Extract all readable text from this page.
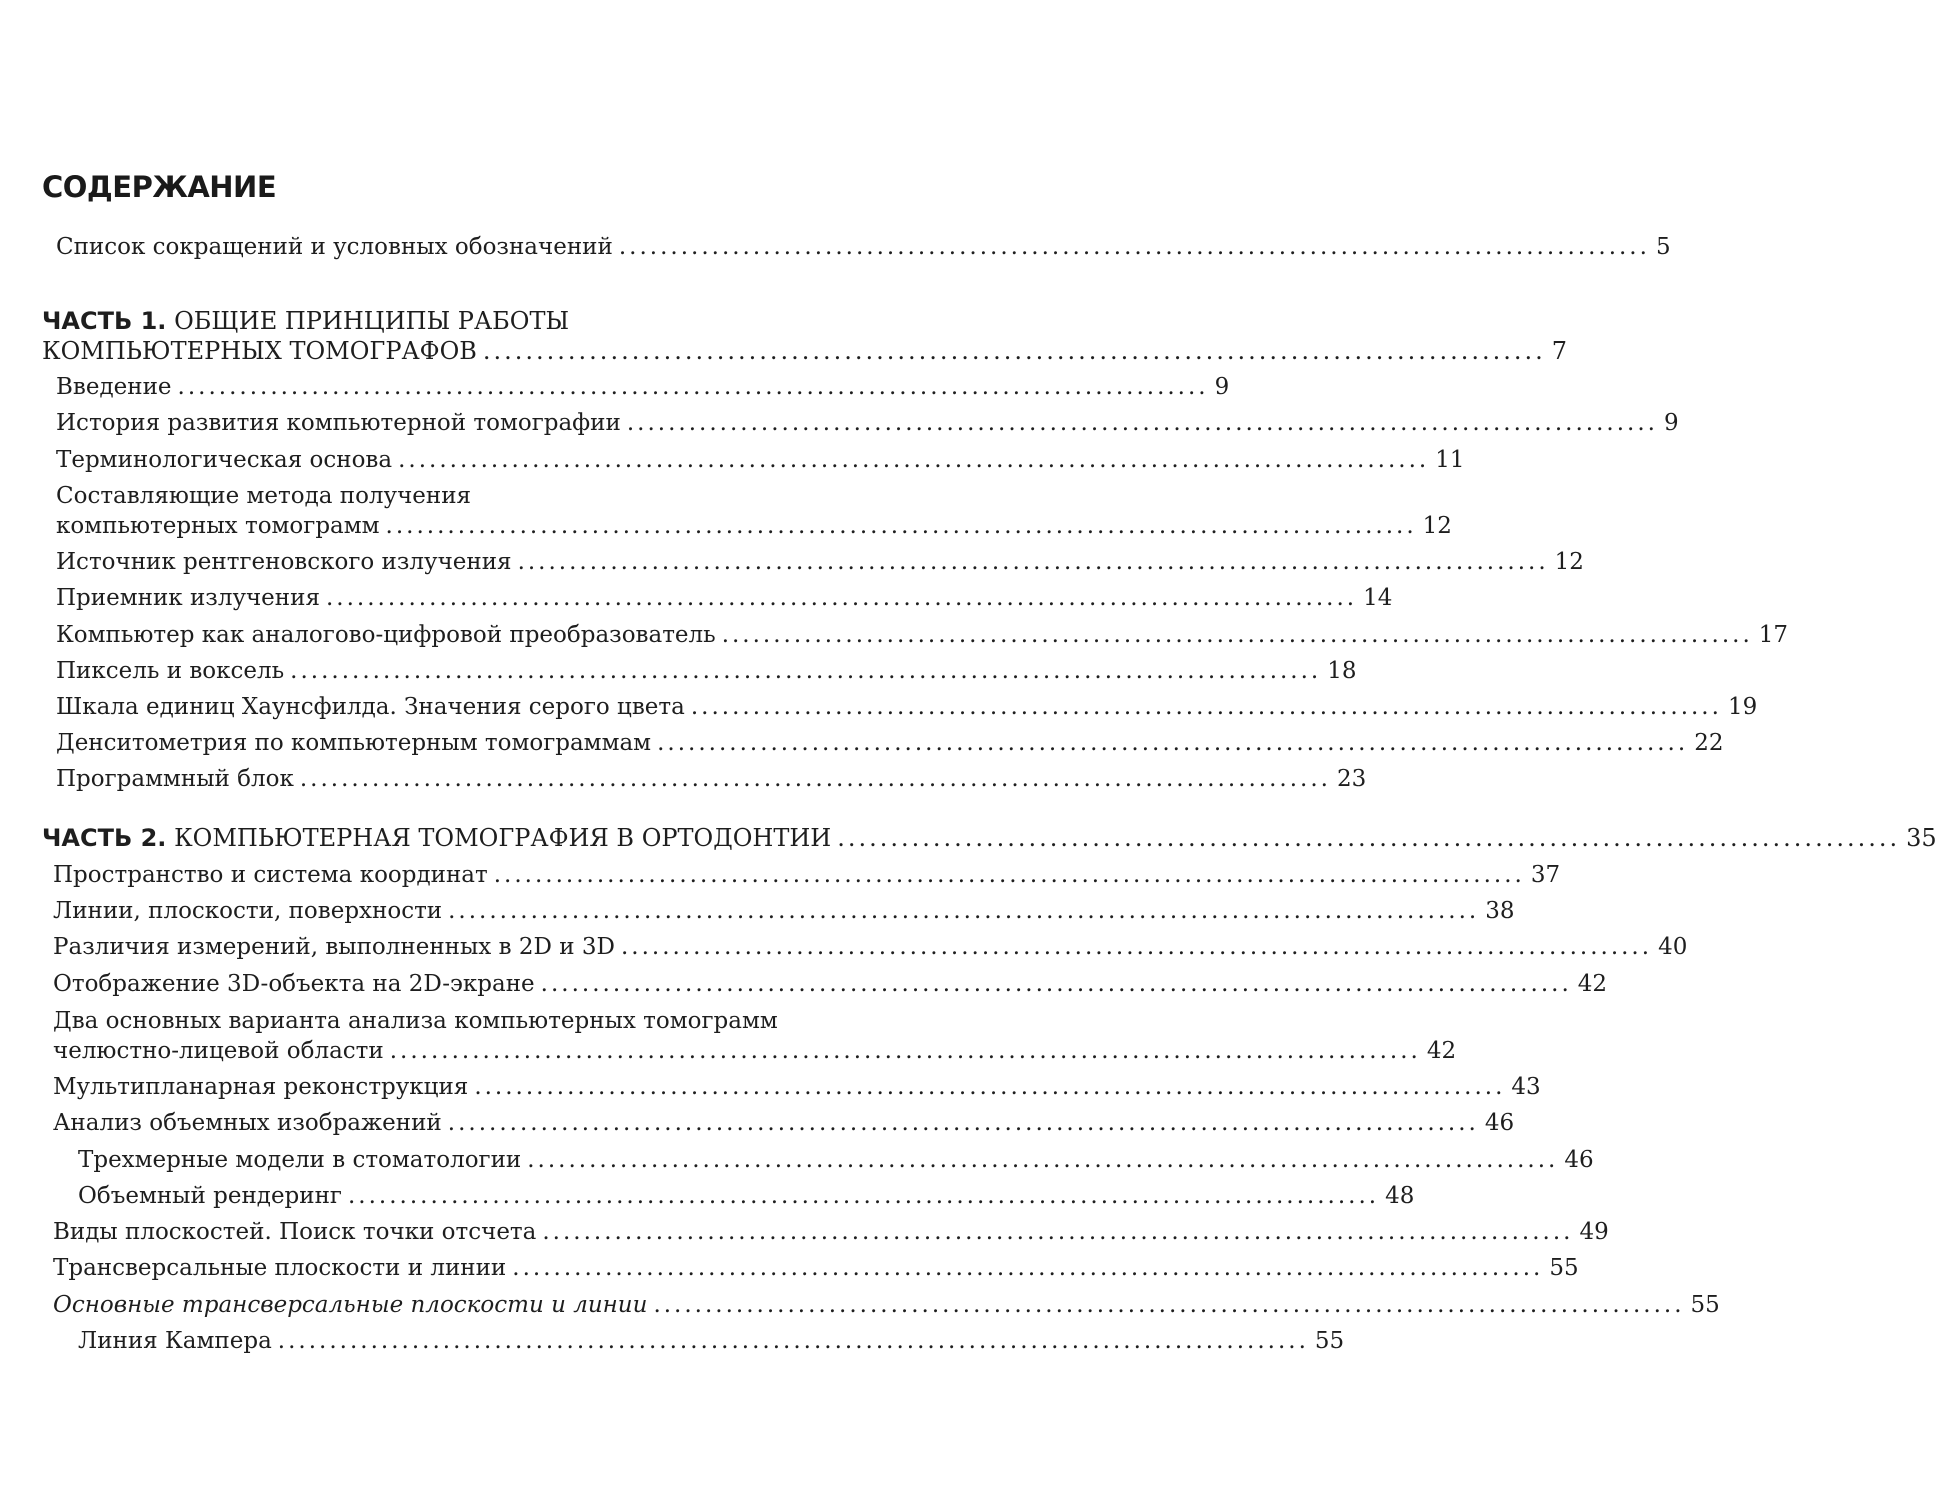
СОДЕРЖАНИЕ
Список сокращений и условных обозначений .................................................................................................... 5
ЧАСТЬ 1. ОБЩИЕ ПРИНЦИПЫ РАБОТЫ
КОМПЬЮТЕРНЫХ ТОМОГРАФОВ .................................................................................................... 7
Введение .................................................................................................... 9
История развития компьютерной томографии .................................................................................................... 9
Терминологическая основа .................................................................................................... 11
Составляющие метода получения
компьютерных томограмм .................................................................................................... 12
Источник рентгеновского излучения .................................................................................................... 12
Приемник излучения .................................................................................................... 14
Компьютер как аналогово-цифровой преобразователь .................................................................................................... 17
Пиксель и воксель .................................................................................................... 18
Шкала единиц Хаунсфилда. Значения серого цвета .................................................................................................... 19
Денситометрия по компьютерным томограммам .................................................................................................... 22
Программный блок .................................................................................................... 23
ЧАСТЬ 2. КОМПЬЮТЕРНАЯ ТОМОГРАФИЯ В ОРТОДОНТИИ .................................................................................................... 35
Пространство и система координат .................................................................................................... 37
Линии, плоскости, поверхности .................................................................................................... 38
Различия измерений, выполненных в 2D и 3D .................................................................................................... 40
Отображение 3D-объекта на 2D-экране .................................................................................................... 42
Два основных варианта анализа компьютерных томограмм
челюстно-лицевой области .................................................................................................... 42
Мультипланарная реконструкция .................................................................................................... 43
Анализ объемных изображений .................................................................................................... 46
Трехмерные модели в стоматологии .................................................................................................... 46
Объемный рендеринг .................................................................................................... 48
Виды плоскостей. Поиск точки отсчета .................................................................................................... 49
Трансверсальные плоскости и линии .................................................................................................... 55
Основные трансверсальные плоскости и линии .................................................................................................... 55
Линия Кампера .................................................................................................... 55
